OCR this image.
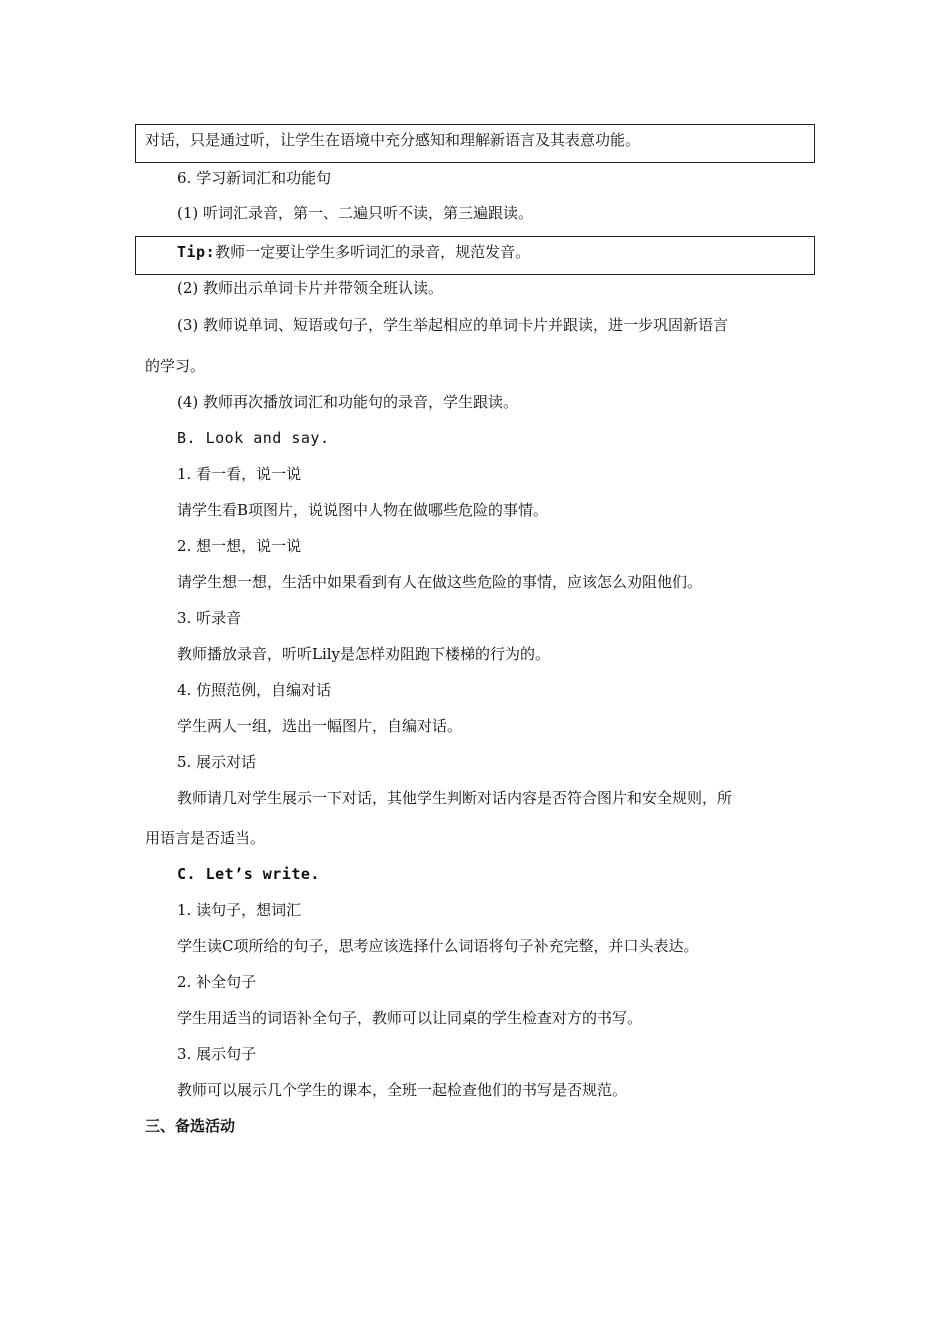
对话，只是通过听，让学生在语境中充分感知和理解新语言及其表意功能。
6. 学习新词汇和功能句
(1) 听词汇录音，第一、二遍只听不读，第三遍跟读。
Tip:教师一定要让学生多听词汇的录音，规范发音。
(2) 教师出示单词卡片并带领全班认读。
(3) 教师说单词、短语或句子，学生举起相应的单词卡片并跟读，进一步巩固新语言
的学习。
(4) 教师再次播放词汇和功能句的录音，学生跟读。
B. Look and say.
1. 看一看，说一说
请学生看B项图片，说说图中人物在做哪些危险的事情。
2. 想一想，说一说
请学生想一想，生活中如果看到有人在做这些危险的事情，应该怎么劝阻他们。
3. 听录音
教师播放录音，听听Lily是怎样劝阻跑下楼梯的行为的。
4. 仿照范例，自编对话
学生两人一组，选出一幅图片，自编对话。
5. 展示对话
教师请几对学生展示一下对话，其他学生判断对话内容是否符合图片和安全规则，所
用语言是否适当。
C. Let’s write.
1. 读句子，想词汇
学生读C项所给的句子，思考应该选择什么词语将句子补充完整，并口头表达。
2. 补全句子
学生用适当的词语补全句子，教师可以让同桌的学生检查对方的书写。
3. 展示句子
教师可以展示几个学生的课本，全班一起检查他们的书写是否规范。
三、备选活动
